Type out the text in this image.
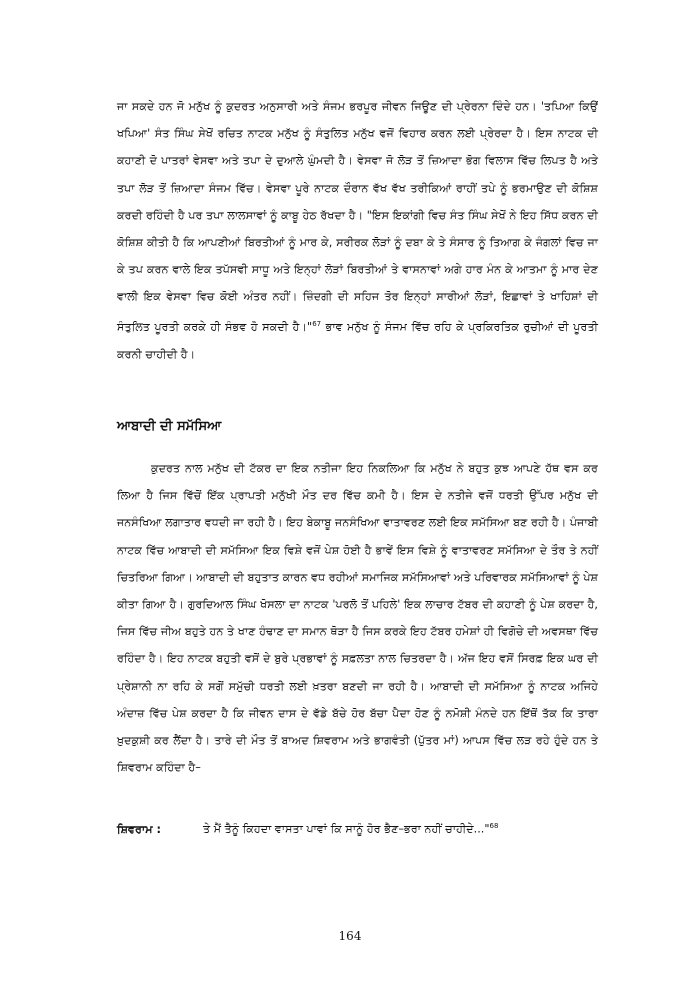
ਜਾ ਸਕਦੇ ਹਨ ਜੋ ਮਨੁੱਖ ਨੂੰ ਕੁਦਰਤ ਅਨੁਸਾਰੀ ਅਤੇ ਸੰਜਮ ਭਰਪੂਰ ਜੀਵਨ ਜਿਊਣ ਦੀ ਪ੍ਰੇਰਨਾ ਦਿੰਦੇ ਹਨ। 'ਤਪਿਆ ਕਿਉਂ ਖਪਿਆ' ਸੰਤ ਸਿੰਘ ਸੇਖੋਂ ਰਚਿਤ ਨਾਟਕ ਮਨੁੱਖ ਨੂੰ ਸੰਤੁਲਿਤ ਮਨੁੱਖ ਵਜੋਂ ਵਿਹਾਰ ਕਰਨ ਲਈ ਪ੍ਰੇਰਦਾ ਹੈ। ਇਸ ਨਾਟਕ ਦੀ ਕਹਾਣੀ ਦੋ ਪਾਤਰਾਂ ਵੇਸਵਾ ਅਤੇ ਤਪਾ ਦੇ ਦੁਆਲੇ ਘੁੰਮਦੀ ਹੈ। ਵੇਸਵਾ ਜੋ ਲੋੜ ਤੋਂ ਜ਼ਿਆਦਾ ਭੋਗ ਵਿਲਾਸ ਵਿੱਚ ਲਿਪਤ ਹੈ ਅਤੇ ਤਪਾ ਲੋੜ ਤੋਂ ਜ਼ਿਆਦਾ ਸੰਜਮ ਵਿੱਚ। ਵੇਸਵਾ ਪੂਰੇ ਨਾਟਕ ਦੌਰਾਨ ਵੱਖ ਵੱਖ ਤਰੀਕਿਆਂ ਰਾਹੀਂ ਤਪੇ ਨੂੰ ਭਰਮਾਉਣ ਦੀ ਕੋਸ਼ਿਸ਼ ਕਰਦੀ ਰਹਿੰਦੀ ਹੈ ਪਰ ਤਪਾ ਲਾਲਸਾਵਾਂ ਨੂੰ ਕਾਬੂ ਹੇਠ ਰੱਖਦਾ ਹੈ। "ਇਸ ਇਕਾਂਗੀ ਵਿਚ ਸੰਤ ਸਿੰਘ ਸੇਖੋਂ ਨੇ ਇਹ ਸਿੱਧ ਕਰਨ ਦੀ ਕੋਸ਼ਿਸ਼ ਕੀਤੀ ਹੈ ਕਿ ਆਪਣੀਆਂ ਬਿਰਤੀਆਂ ਨੂੰ ਮਾਰ ਕੇ, ਸਰੀਰਕ ਲੋੜਾਂ ਨੂੰ ਦਬਾ ਕੇ ਤੇ ਸੰਸਾਰ ਨੂੰ ਤਿਆਗ ਕੇ ਜੰਗਲਾਂ ਵਿਚ ਜਾ ਕੇ ਤਪ ਕਰਨ ਵਾਲੇ ਇਕ ਤਪੱਸਵੀ ਸਾਧੂ ਅਤੇ ਇਨ੍ਹਾਂ ਲੋੜਾਂ ਬਿਰਤੀਆਂ ਤੇ ਵਾਸਨਾਵਾਂ ਅਗੇ ਹਾਰ ਮੰਨ ਕੇ ਆਤਮਾ ਨੂੰ ਮਾਰ ਦੇਣ ਵਾਲੀ ਇਕ ਵੇਸਵਾ ਵਿਚ ਕੋਈ ਅੰਤਰ ਨਹੀਂ। ਜ਼ਿੰਦਗੀ ਦੀ ਸਹਿਜ ਤੋਰ ਇਨ੍ਹਾਂ ਸਾਰੀਆਂ ਲੋੜਾਂ, ਇਛਾਵਾਂ ਤੇ ਖਾਹਿਸ਼ਾਂ ਦੀ ਸੰਤੁਲਿਤ ਪੂਰਤੀ ਕਰਕੇ ਹੀ ਸੰਭਵ ਹੋ ਸਕਦੀ ਹੈ।"$^{67}$ ਭਾਵ ਮਨੁੱਖ ਨੂੰ ਸੰਜਮ ਵਿੱਚ ਰਹਿ ਕੇ ਪ੍ਰਕਿਰਤਿਕ ਰੁਚੀਆਂ ਦੀ ਪੂਰਤੀ ਕਰਨੀ ਚਾਹੀਦੀ ਹੈ।
ਆਬਾਦੀ ਦੀ ਸਮੱਸਿਆ
ਕੁਦਰਤ ਨਾਲ ਮਨੁੱਖ ਦੀ ਟੱਕਰ ਦਾ ਇਕ ਨਤੀਜਾ ਇਹ ਨਿਕਲਿਆ ਕਿ ਮਨੁੱਖ ਨੇ ਬਹੁਤ ਕੁਝ ਆਪਣੇ ਹੱਥ ਵਸ ਕਰ ਲਿਆ ਹੈ ਜਿਸ ਵਿੱਚੋਂ ਇੱਕ ਪ੍ਰਾਪਤੀ ਮਨੁੱਖੀ ਮੌਤ ਦਰ ਵਿੱਚ ਕਮੀ ਹੈ। ਇਸ ਦੇ ਨਤੀਜੇ ਵਜੋਂ ਧਰਤੀ ਉੱਪਰ ਮਨੁੱਖ ਦੀ ਜਨਸੰਖਿਆ ਲਗਾਤਾਰ ਵਧਦੀ ਜਾ ਰਹੀ ਹੈ। ਇਹ ਬੇਕਾਬੂ ਜਨਸੰਖਿਆ ਵਾਤਾਵਰਣ ਲਈ ਇਕ ਸਮੱਸਿਆ ਬਣ ਰਹੀ ਹੈ। ਪੰਜਾਬੀ ਨਾਟਕ ਵਿੱਚ ਆਬਾਦੀ ਦੀ ਸਮੱਸਿਆ ਇਕ ਵਿਸ਼ੇ ਵਜੋਂ ਪੇਸ਼ ਹੋਈ ਹੈ ਭਾਵੇਂ ਇਸ ਵਿਸ਼ੇ ਨੂੰ ਵਾਤਾਵਰਣ ਸਮੱਸਿਆ ਦੇ ਤੌਰ ਤੇ ਨਹੀਂ ਚਿਤਰਿਆ ਗਿਆ। ਆਬਾਦੀ ਦੀ ਬਹੁਤਾਤ ਕਾਰਨ ਵਧ ਰਹੀਆਂ ਸਮਾਜਿਕ ਸਮੱਸਿਆਵਾਂ ਅਤੇ ਪਰਿਵਾਰਕ ਸਮੱਸਿਆਵਾਂ ਨੂੰ ਪੇਸ਼ ਕੀਤਾ ਗਿਆ ਹੈ। ਗੁਰਦਿਆਲ ਸਿੰਘ ਖੋਸਲਾ ਦਾ ਨਾਟਕ 'ਪਰਲੋ ਤੋਂ ਪਹਿਲੇ' ਇਕ ਲਾਚਾਰ ਟੱਬਰ ਦੀ ਕਹਾਣੀ ਨੂੰ ਪੇਸ਼ ਕਰਦਾ ਹੈ, ਜਿਸ ਵਿੱਚ ਜੀਅ ਬਹੁਤੇ ਹਨ ਤੇ ਖਾਣ ਹੰਢਾਣ ਦਾ ਸਮਾਨ ਥੋੜਾ ਹੈ ਜਿਸ ਕਰਕੇ ਇਹ ਟੱਬਰ ਹਮੇਸ਼ਾਂ ਹੀ ਵਿਗੋਚੇ ਦੀ ਅਵਸਥਾ ਵਿੱਚ ਰਹਿੰਦਾ ਹੈ। ਇਹ ਨਾਟਕ ਬਹੁਤੀ ਵਸੋਂ ਦੇ ਬੁਰੇ ਪ੍ਰਭਾਵਾਂ ਨੂੰ ਸਫ਼ਲਤਾ ਨਾਲ ਚਿਤਰਦਾ ਹੈ। ਅੱਜ ਇਹ ਵਸੋਂ ਸਿਰਫ਼ ਇਕ ਘਰ ਦੀ ਪ੍ਰੇਸ਼ਾਨੀ ਨਾ ਰਹਿ ਕੇ ਸਗੋਂ ਸਮੁੱਚੀ ਧਰਤੀ ਲਈ ਖ਼ਤਰਾ ਬਣਦੀ ਜਾ ਰਹੀ ਹੈ। ਆਬਾਦੀ ਦੀ ਸਮੱਸਿਆ ਨੂੰ ਨਾਟਕ ਅਜਿਹੇ ਅੰਦਾਜ਼ ਵਿੱਚ ਪੇਸ਼ ਕਰਦਾ ਹੈ ਕਿ ਜੀਵਨ ਦਾਸ ਦੇ ਵੱਡੇ ਬੱਚੇ ਹੋਰ ਬੱਚਾ ਪੈਦਾ ਹੋਣ ਨੂੰ ਨਮੋਸ਼ੀ ਮੰਨਦੇ ਹਨ ਇੱਥੋਂ ਤੱਕ ਕਿ ਤਾਰਾ ਖ਼ੁਦਕੁਸ਼ੀ ਕਰ ਲੈਂਦਾ ਹੈ। ਤਾਰੇ ਦੀ ਮੌਤ ਤੋਂ ਬਾਅਦ ਸ਼ਿਵਰਾਮ ਅਤੇ ਭਾਗਵੰਤੀ (ਪੁੱਤਰ ਮਾਂ) ਆਪਸ ਵਿੱਚ ਲੜ ਰਹੇ ਹੁੰਦੇ ਹਨ ਤੇ ਸ਼ਿਵਰਾਮ ਕਹਿੰਦਾ ਹੈ–
ਸ਼ਿਵਰਾਮ :	ਤੇ ਮੈਂ ਤੈਨੂੰ ਕਿਹਦਾ ਵਾਸਤਾ ਪਾਵਾਂ ਕਿ ਸਾਨੂੰ ਹੋਰ ਭੈਣ–ਭਰਾ ਨਹੀਂ ਚਾਹੀਦੇ..."$^{68}$
164
